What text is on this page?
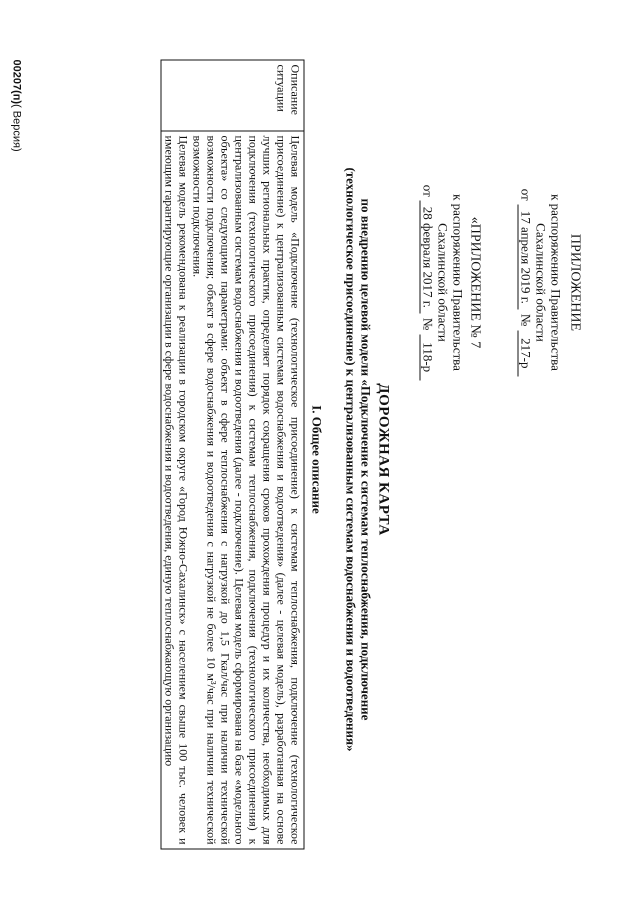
ПРИЛОЖЕНИЕ
к распоряжению Правительства
Сахалинской области
от
17 апреля 2019 г.
№
217-р
«ПРИЛОЖЕНИЕ № 7
к распоряжению Правительства
Сахалинской области
от
28 февраля 2017 г.
№
118-р
ДОРОЖНАЯ КАРТА
по внедрению целевой модели «Подключение к системам теплоснабжения, подключение
(технологическое присоединение) к централизованным системам водоснабжения и водоотведения»
I. Общее описание
Описание ситуации	
Целевая модель «Подключение (технологическое присоединение) к системам теплоснабжения, подключение (технологическое присоединение) к централизованным системам водоснабжения и водоотведения» (далее - целевая модель), разработанная на основе лучших региональных практик, определяет порядок сокращения сроков прохождения процедур и их количества, необходимых для подключения (технологического присоединения) к системам теплоснабжения, подключения (технологического присоединения) к централизованным системам водоснабжения и водоотведения (далее - подключение). Целевая модель сформирована на базе «модельного объекта» со следующими параметрами: объект в сфере теплоснабжения с нагрузкой до 1,5 Гкал/час при наличии технической возможности подключения; объект в сфере водоснабжения и водоотведения с нагрузкой не более 10 м³/час при наличии технической возможности подключения.
Целевая модель рекомендована к реализации в городском округе «Город Южно-Сахалинск» с населением свыше 100 тыс. человек и имеющим гарантирующие организации в сфере водоснабжения и водоотведения, единую теплоснабжающую организацию
00207(п)( Версия)
